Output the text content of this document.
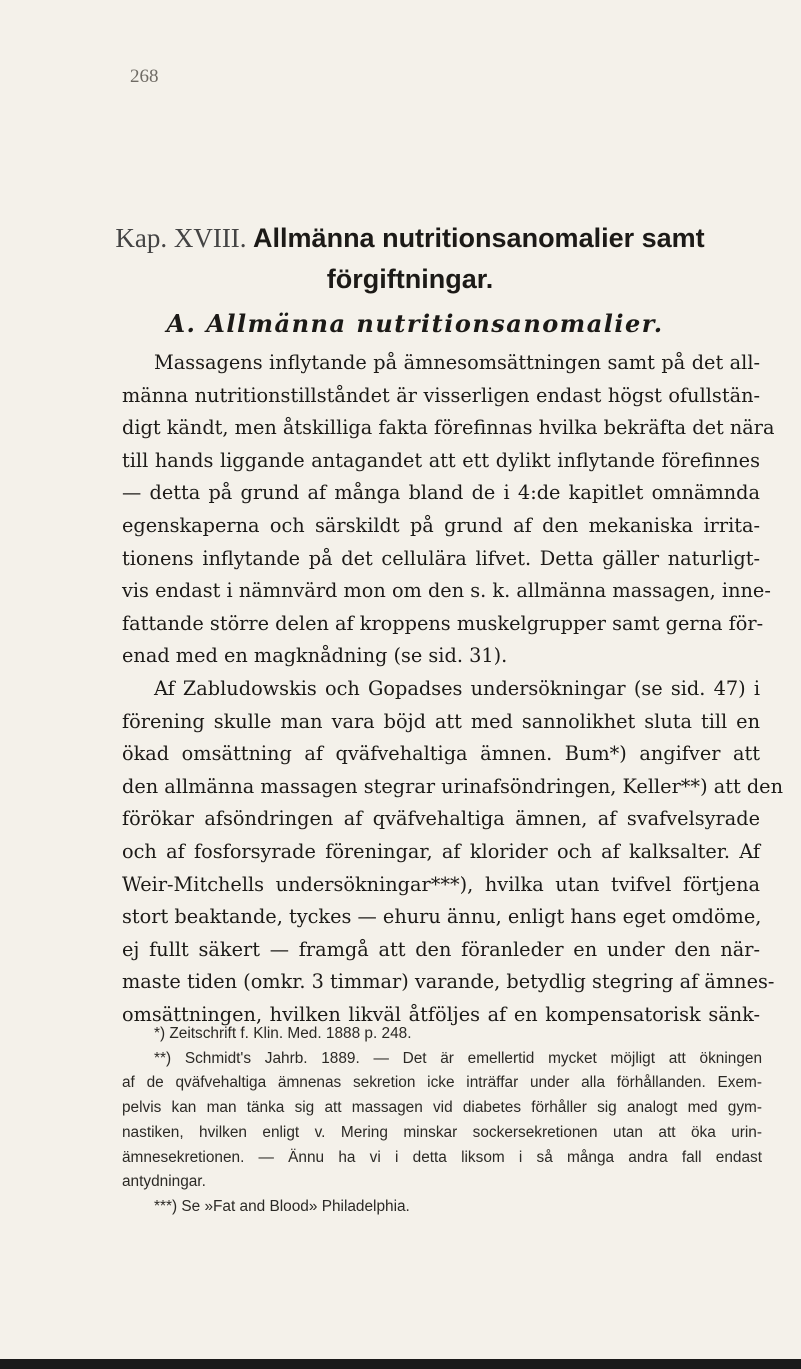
268
Kap. XVIII. Allmänna nutritionsanomalier samt
förgiftningar.
A. Allmänna nutritionsanomalier.
Massagens inflytande på ämnesomsättningen samt på det all-
männa nutritionstillståndet är visserligen endast högst ofullstän-
digt kändt, men åtskilliga fakta förefinnas hvilka bekräfta det nära
till hands liggande antagandet att ett dylikt inflytande förefinnes
— detta på grund af många bland de i 4:de kapitlet omnämnda
egenskaperna och särskildt på grund af den mekaniska irrita-
tionens inflytande på det cellulära lifvet. Detta gäller naturligt-
vis endast i nämnvärd mon om den s. k. allmänna massagen, inne-
fattande större delen af kroppens muskelgrupper samt gerna för-
enad med en magknådning (se sid. 31).
Af Zabludowskis och Gopadses undersökningar (se sid. 47) i
förening skulle man vara böjd att med sannolikhet sluta till en
ökad omsättning af qväfvehaltiga ämnen. Bum*) angifver att
den allmänna massagen stegrar urinafsöndringen, Keller**) att den
förökar afsöndringen af qväfvehaltiga ämnen, af svafvelsyrade
och af fosforsyrade föreningar, af klorider och af kalksalter. Af
Weir-Mitchells undersökningar***), hvilka utan tvifvel förtjena
stort beaktande, tyckes — ehuru ännu, enligt hans eget omdöme,
ej fullt säkert — framgå att den föranleder en under den när-
maste tiden (omkr. 3 timmar) varande, betydlig stegring af ämnes-
omsättningen, hvilken likväl åtföljes af en kompensatorisk sänk-
*) Zeitschrift f. Klin. Med. 1888 p. 248.
**) Schmidt's Jahrb. 1889. — Det är emellertid mycket möjligt att ökningen
af de qväfvehaltiga ämnenas sekretion icke inträffar under alla förhållanden. Exem-
pelvis kan man tänka sig att massagen vid diabetes förhåller sig analogt med gym-
nastiken, hvilken enligt v. Mering minskar sockersekretionen utan att öka urin-
ämnesekretionen. — Ännu ha vi i detta liksom i så många andra fall endast
antydningar.
***) Se »Fat and Blood» Philadelphia.
